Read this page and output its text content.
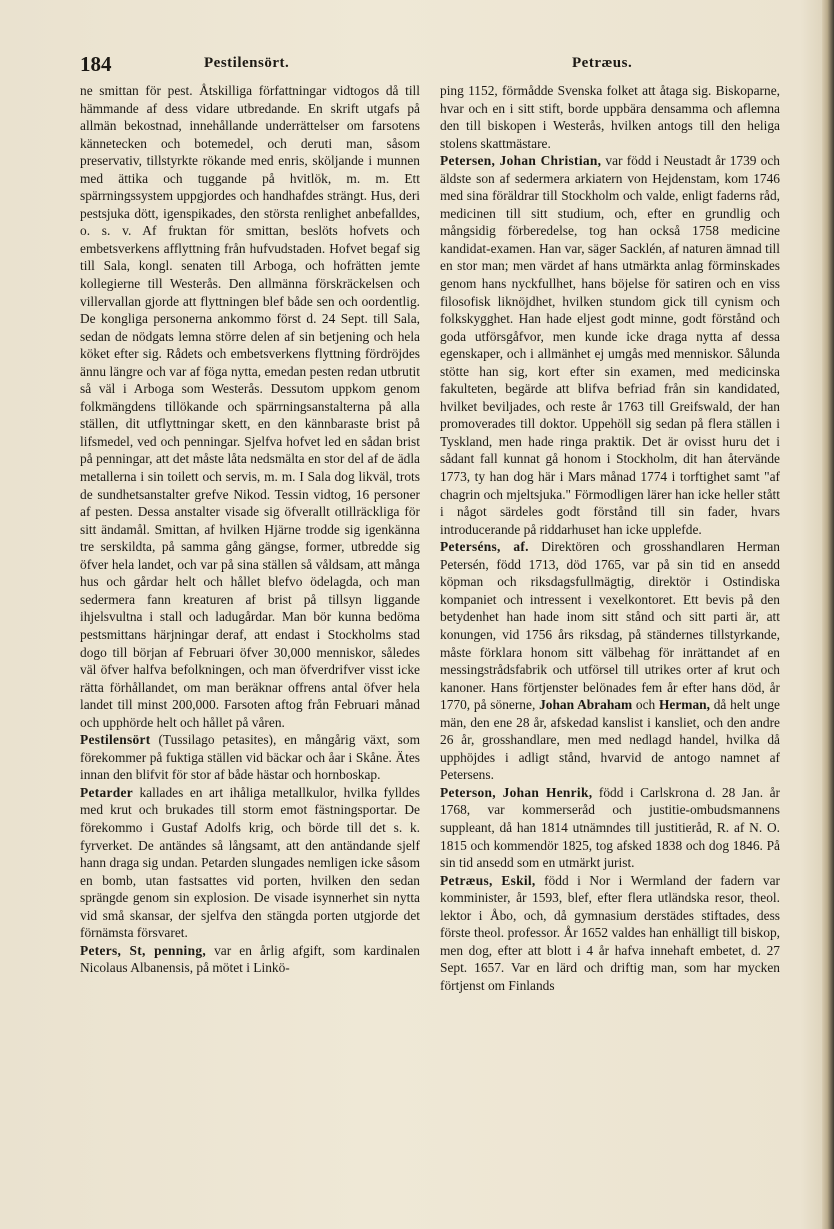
184	Pestilensört.	Petræus.

ne smittan för pest. Åtskilliga författningar vidtogos då till hämmande af dess vidare utbredande. En skrift utgafs på allmän bekostnad, innehållande underrättelser om farsotens kännetecken och botemedel, och deruti man, såsom preservativ, tillstyrkte rökande med enris, sköljande i munnen med ättika och tuggande på hvitlök, m. m. Ett spärrningssystem uppgjordes och handhafdes strängt. Hus, deri pestsjuka dött, igenspikades, den största renlighet anbefalldes, o. s. v. Af fruktan för smittan, beslöts hofvets och embetsverkens afflyttning från hufvudstaden. Hofvet begaf sig till Sala, kongl. senaten till Arboga, och hofrätten jemte kollegierne till Westerås. Den allmänna förskräckelsen och villervallan gjorde att flyttningen blef både sen och oordentlig. De kongliga personerna ankommo först d. 24 Sept. till Sala, sedan de nödgats lemna större delen af sin betjening och hela köket efter sig. Rådets och embetsverkens flyttning fördröjdes ännu längre och var af föga nytta, emedan pesten redan utbrutit så väl i Arboga som Westerås. Dessutom uppkom genom folkmängdens tillökande och spärrningsanstalterna på alla ställen, dit utflyttningar skett, en den kännbaraste brist på lifsmedel, ved och penningar. Sjelfva hofvet led en sådan brist på penningar, att det måste låta nedsmälta en stor del af de ädla metallerna i sin toilett och servis, m. m. I Sala dog likväl, trots de sundhetsanstalter grefve Nikod. Tessin vidtog, 16 personer af pesten. Dessa anstalter visade sig öfverallt otillräckliga för sitt ändamål. Smittan, af hvilken Hjärne trodde sig igenkänna tre serskildta, på samma gång gängse, former, utbredde sig öfver hela landet, och var på sina ställen så våldsam, att många hus och gårdar helt och hållet blefvo ödelagda, och man sedermera fann kreaturen af brist på tillsyn liggande ihjelsvultna i stall och ladugårdar. Man bör kunna bedöma pestsmittans härjningar deraf, att endast i Stockholms stad dogo till början af Februari öfver 30,000 menniskor, således väl öfver halfva befolkningen, och man öfverdrifver visst icke rätta förhållandet, om man beräknar offrens antal öfver hela landet till minst 200,000. Farsoten aftog från Februari månad och upphörde helt och hållet på våren.

Pestilensört (Tussilago petasites), en mångårig växt, som förekommer på fuktiga ställen vid bäckar och åar i Skåne. Ätes innan den blifvit för stor af både hästar och hornboskap.

Petarder kallades en art ihåliga metallkulor, hvilka fylldes med krut och brukades till storm emot fästningsportar. De förekommo i Gustaf Adolfs krig, och börde till det s. k. fyrverket. De antändes så långsamt, att den antändande sjelf hann draga sig undan. Petarden slungades nemligen icke såsom en bomb, utan fastsattes vid porten, hvilken den sedan sprängde genom sin explosion. De visade isynnerhet sin nytta vid små skansar, der sjelfva den stängda porten utgjorde det förnämsta försvaret.

Peters, St, penning, var en årlig afgift, som kardinalen Nicolaus Albanensis, på mötet i Linkö-

ping 1152, förmådde Svenska folket att åtaga sig. Biskoparne, hvar och en i sitt stift, borde uppbära densamma och aflemna den till biskopen i Westerås, hvilken antogs till den heliga stolens skattmästare.

Petersen, Johan Christian, var född i Neustadt år 1739 och äldste son af sedermera arkiatern von Hejdenstam, kom 1746 med sina föräldrar till Stockholm och valde, enligt faderns råd, medicinen till sitt studium, och, efter en grundlig och mångsidig förberedelse, tog han också 1758 medicine kandidat-examen. Han var, säger Sacklén, af naturen ämnad till en stor man; men värdet af hans utmärkta anlag förminskades genom hans nyckfullhet, hans böjelse för satiren och en viss filosofisk liknöjdhet, hvilken stundom gick till cynism och folkskygghet. Han hade eljest godt minne, godt förstånd och goda utförsgåfvor, men kunde icke draga nytta af dessa egenskaper, och i allmänhet ej umgås med menniskor. Sålunda stötte han sig, kort efter sin examen, med medicinska fakulteten, begärde att blifva befriad från sin kandidated, hvilket beviljades, och reste år 1763 till Greifswald, der han promoverades till doktor. Uppehöll sig sedan på flera ställen i Tyskland, men hade ringa praktik. Det är ovisst huru det i sådant fall kunnat gå honom i Stockholm, dit han återvände 1773, ty han dog här i Mars månad 1774 i torftighet samt "af chagrin och mjeltsjuka." Förmodligen lärer han icke heller stått i något särdeles godt förstånd till sin fader, hvars introducerande på riddarhuset han icke upplefde.

Peterséns, af. Direktören och grosshandlaren Herman Petersén, född 1713, död 1765, var på sin tid en ansedd köpman och riksdagsfullmägtig, direktör i Ostindiska kompaniet och intressent i vexelkontoret. Ett bevis på den betydenhet han hade inom sitt stånd och sitt parti är, att konungen, vid 1756 års riksdag, på ständernes tillstyrkande, måste förklara honom sitt välbehag för inrättandet af en messingstrådsfabrik och utförsel till utrikes orter af krut och kanoner. Hans förtjenster belönades fem år efter hans död, år 1770, på sönerne, Johan Abraham och Herman, då helt unge män, den ene 28 år, afskedad kanslist i kansliet, och den andre 26 år, grosshandlare, men med nedlagd handel, hvilka då upphöjdes i adligt stånd, hvarvid de antogo namnet af Petersens.

Peterson, Johan Henrik, född i Carlskrona d. 28 Jan. år 1768, var kommerseråd och justitie-ombudsmannens suppleant, då han 1814 utnämndes till justitieråd, R. af N. O. 1815 och kommendör 1825, tog afsked 1838 och dog 1846. På sin tid ansedd som en utmärkt jurist.

Petræus, Eskil, född i Nor i Wermland der fadern var komminister, år 1593, blef, efter flera utländska resor, theol. lektor i Åbo, och, då gymnasium derstädes stiftades, dess förste theol. professor. År 1652 valdes han enhälligt till biskop, men dog, efter att blott i 4 år hafva innehaft embetet, d. 27 Sept. 1657. Var en lärd och driftig man, som har mycken förtjenst om Finlands
